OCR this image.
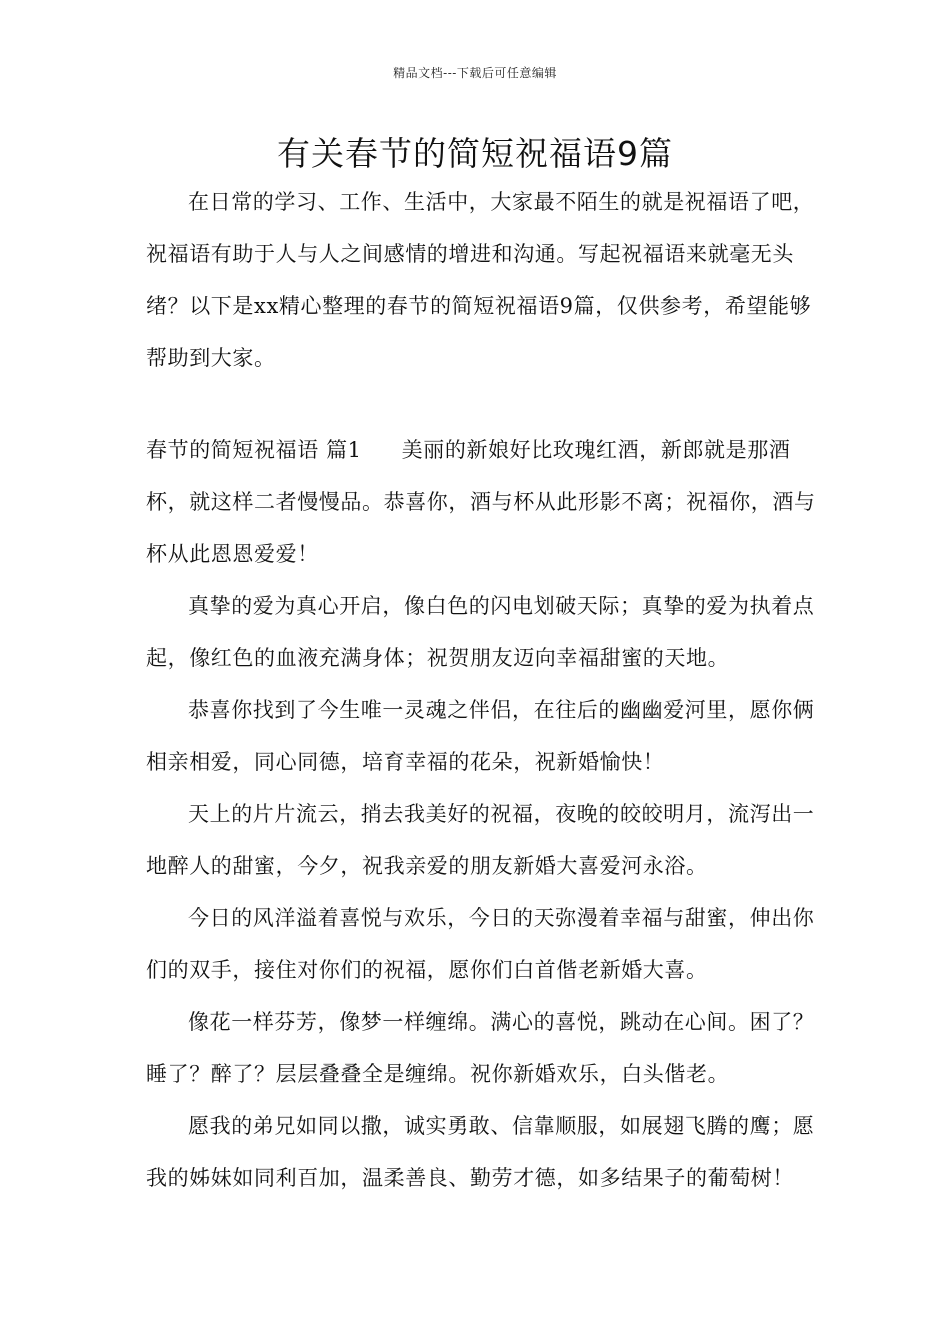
精品文档---下载后可任意编辑
有关春节的简短祝福语9篇

在日常的学习、工作、生活中，大家最不陌生的就是祝福语了吧，祝福语有助于人与人之间感情的增进和沟通。写起祝福语来就毫无头绪？以下是xx精心整理的春节的简短祝福语9篇，仅供参考，希望能够帮助到大家。

春节的简短祝福语 篇1 美丽的新娘好比玫瑰红酒，新郎就是那酒杯，就这样二者慢慢品。恭喜你，酒与杯从此形影不离；祝福你，酒与杯从此恩恩爱爱！

真挚的爱为真心开启，像白色的闪电划破天际；真挚的爱为执着点起，像红色的血液充满身体；祝贺朋友迈向幸福甜蜜的天地。

恭喜你找到了今生唯一灵魂之伴侣，在往后的幽幽爱河里，愿你俩相亲相爱，同心同德，培育幸福的花朵，祝新婚愉快！

天上的片片流云，捎去我美好的祝福，夜晚的皎皎明月，流泻出一地醉人的甜蜜，今夕，祝我亲爱的朋友新婚大喜爱河永浴。

今日的风洋溢着喜悦与欢乐，今日的天弥漫着幸福与甜蜜，伸出你们的双手，接住对你们的祝福，愿你们白首偕老新婚大喜。

像花一样芬芳，像梦一样缠绵。满心的喜悦，跳动在心间。困了？睡了？醉了？层层叠叠全是缠绵。祝你新婚欢乐，白头偕老。

愿我的弟兄如同以撒，诚实勇敢、信靠顺服，如展翅飞腾的鹰；愿我的姊妹如同利百加，温柔善良、勤劳才德，如多结果子的葡萄树！
